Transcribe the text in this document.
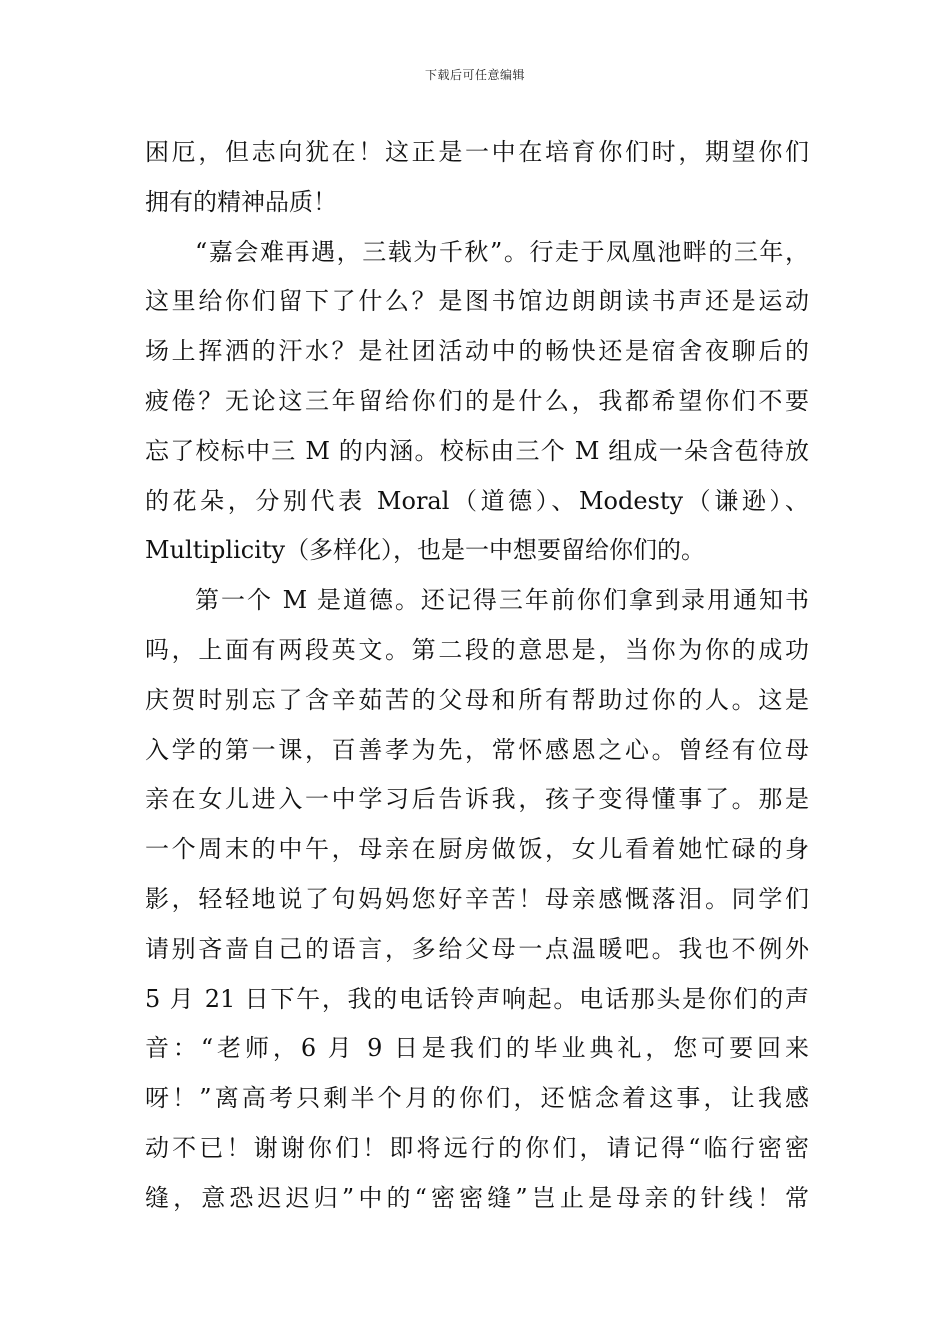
下载后可任意编辑
困厄，但志向犹在！这正是一中在培育你们时，期望你们
拥有的精神品质！
“嘉会难再遇，三载为千秋”。行走于凤凰池畔的三年，
这里给你们留下了什么？是图书馆边朗朗读书声还是运动
场上挥洒的汗水？是社团活动中的畅快还是宿舍夜聊后的
疲倦？无论这三年留给你们的是什么，我都希望你们不要
忘了校标中三 M 的内涵。校标由三个 M 组成一朵含苞待放
的花朵，分别代表 Moral（道德）、Modesty（谦逊）、
Multiplicity（多样化），也是一中想要留给你们的。
第一个 M 是道德。还记得三年前你们拿到录用通知书
吗，上面有两段英文。第二段的意思是，当你为你的成功
庆贺时别忘了含辛茹苦的父母和所有帮助过你的人。这是
入学的第一课，百善孝为先，常怀感恩之心。曾经有位母
亲在女儿进入一中学习后告诉我，孩子变得懂事了。那是
一个周末的中午，母亲在厨房做饭，女儿看着她忙碌的身
影，轻轻地说了句妈妈您好辛苦！母亲感慨落泪。同学们
请别吝啬自己的语言，多给父母一点温暖吧。我也不例外
5 月 21 日下午，我的电话铃声响起。电话那头是你们的声
音：“老师，6 月 9 日是我们的毕业典礼，您可要回来
呀！”离高考只剩半个月的你们，还惦念着这事，让我感
动不已！谢谢你们！即将远行的你们，请记得“临行密密
缝，意恐迟迟归”中的“密密缝”岂止是母亲的针线！常
